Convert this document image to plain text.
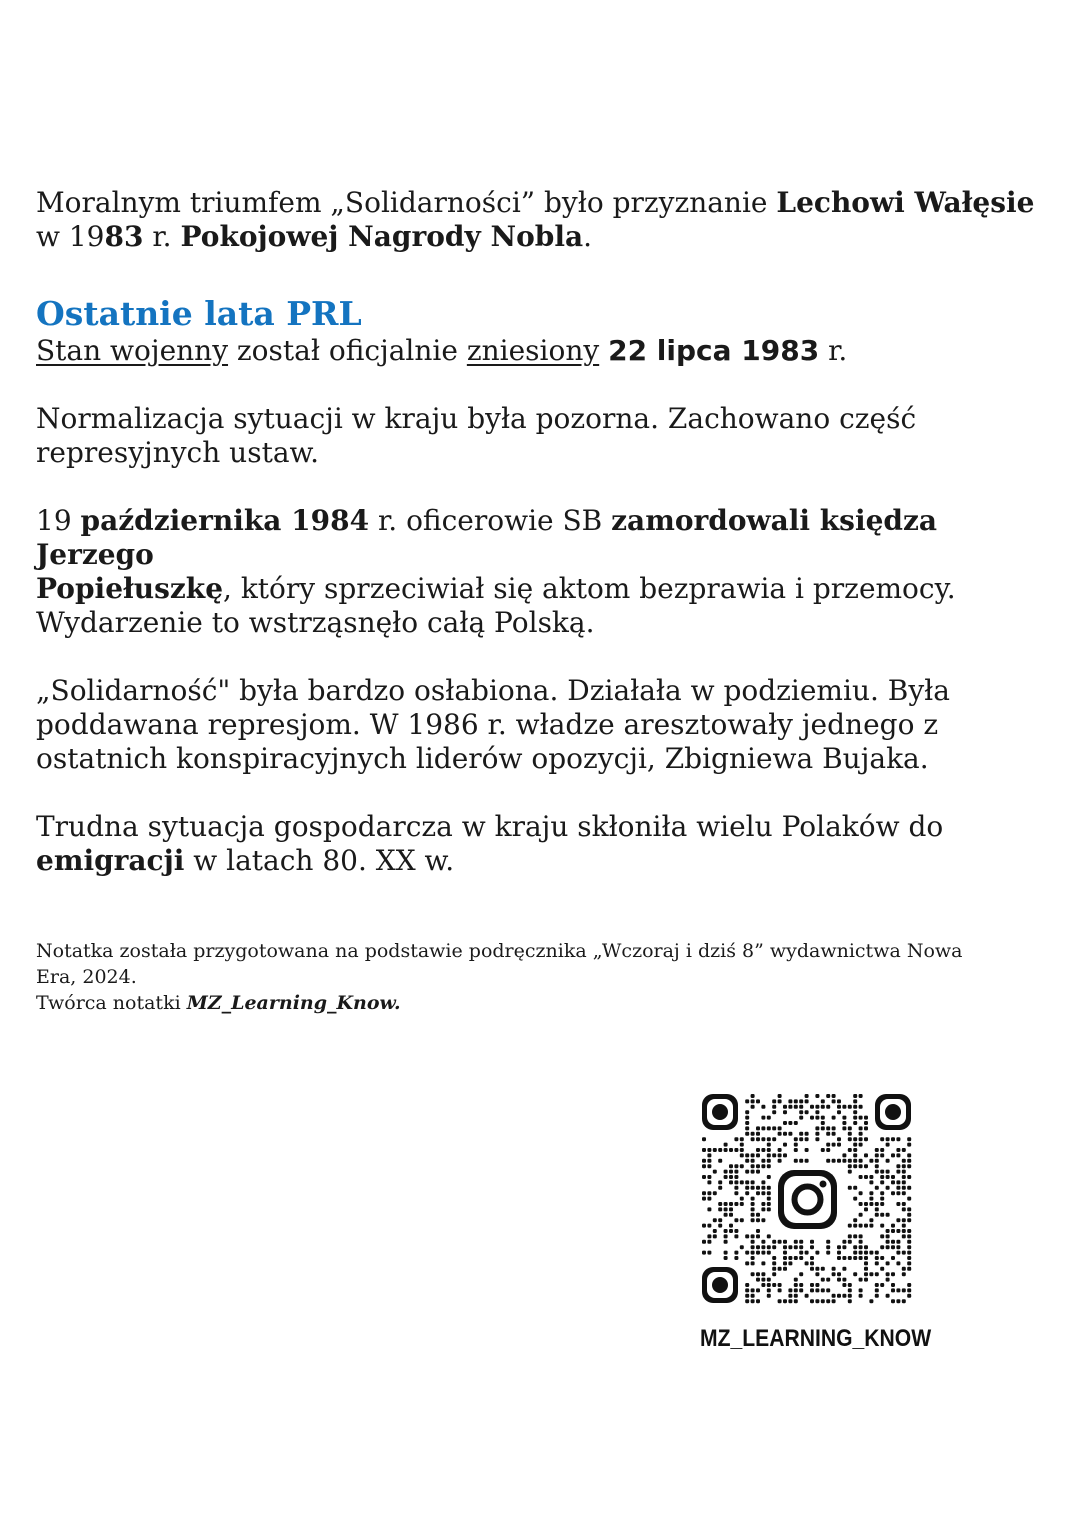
Moralnym triumfem „Solidarności” było przyznanie Lechowi Wałęsie
w 1983 r. Pokojowej Nagrody Nobla.

Ostatnie lata PRL

Stan wojenny został oficjalnie zniesiony 22 lipca 1983 r.

Normalizacja sytuacji w kraju była pozorna. Zachowano część
represyjnych ustaw.

19 października 1984 r. oficerowie SB zamordowali księdza Jerzego
Popiełuszkę, który sprzeciwiał się aktom bezprawia i przemocy.
Wydarzenie to wstrząsnęło całą Polską.

„Solidarność" była bardzo osłabiona. Działała w podziemiu. Była
poddawana represjom. W 1986 r. władze aresztowały jednego z
ostatnich konspiracyjnych liderów opozycji, Zbigniewa Bujaka.

Trudna sytuacja gospodarcza w kraju skłoniła wielu Polaków do
emigracji w latach 80. XX w.

Notatka została przygotowana na podstawie podręcznika „Wczoraj i dziś 8” wydawnictwa Nowa
Era, 2024.

Twórca notatki MZ_Learning_Know.

MZ_LEARNING_KNOW
